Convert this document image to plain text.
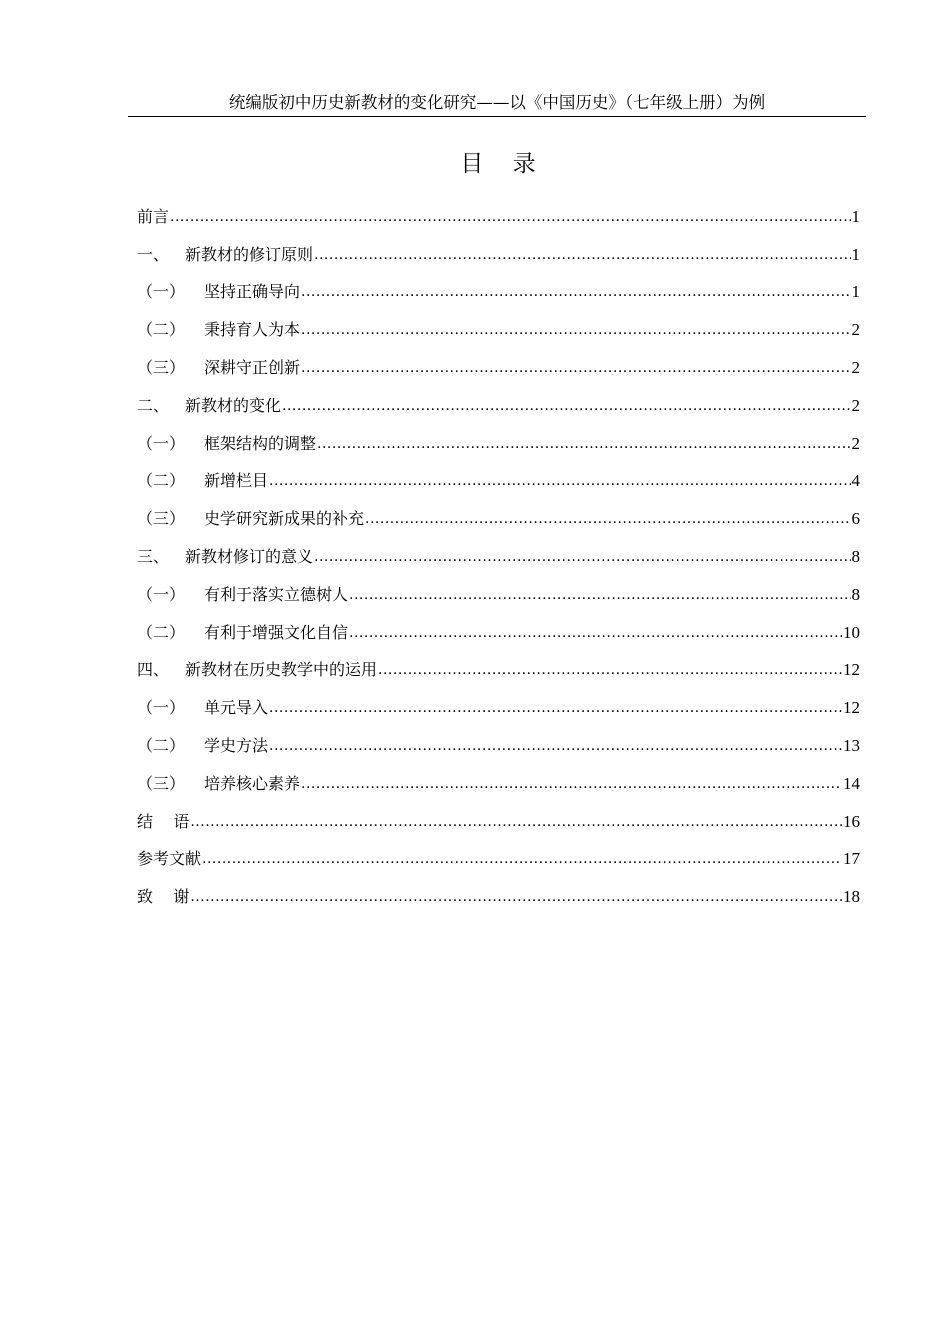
统编版初中历史新教材的变化研究——以《中国历史》（七年级上册）为例
目    录
前言 .....	1
一、 新教材的修订原则 .....	1
（一）	坚持正确导向 .....	1
（二）	秉持育人为本 .....	2
（三）	深耕守正创新 .....	2
二、 新教材的变化 .....	2
（一）	框架结构的调整 .....	2
（二）	新增栏目 .....	4
（三）	史学研究新成果的补充 .....	6
三、 新教材修订的意义 .....	8
（一）	有利于落实立德树人 .....	8
（二）	有利于增强文化自信 .....	10
四、 新教材在历史教学中的运用 .....	12
（一）	单元导入 .....	12
（二）	学史方法 .....	13
（三）	培养核心素养 .....	14
结    语 .....	16
参考文献 .....	17
致    谢 .....	18
